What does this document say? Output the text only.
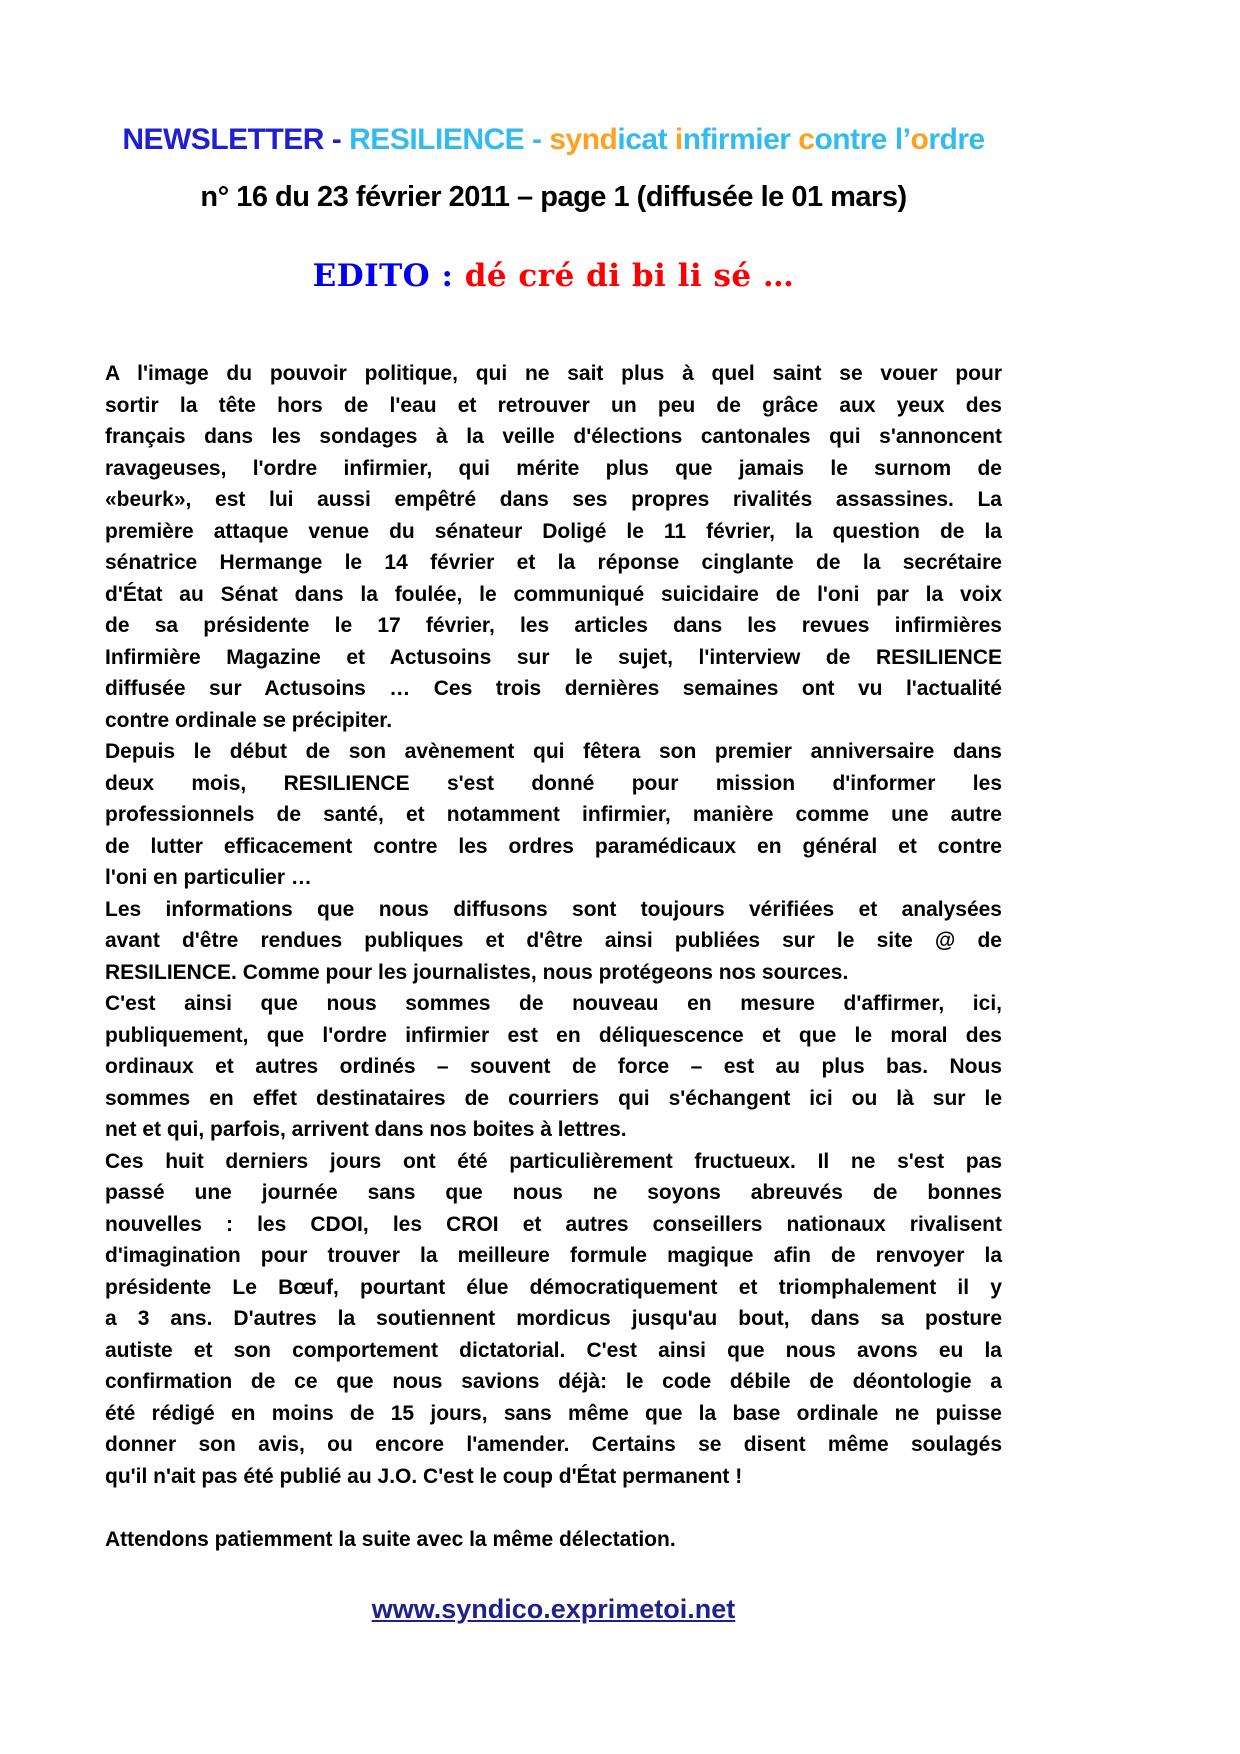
NEWSLETTER - RESILIENCE - syndicat infirmier contre l’ordre
n° 16 du 23 février 2011 – page 1 (diffusée le 01 mars)
EDITO : dé cré di bi li sé …
A l'image du pouvoir politique, qui ne sait plus à quel saint se vouer pour
sortir la tête hors de l'eau et retrouver un peu de grâce aux yeux des
français dans les sondages à la veille d'élections cantonales qui s'annoncent
ravageuses, l'ordre infirmier, qui mérite plus que jamais le surnom de
«beurk», est lui aussi empêtré dans ses propres rivalités assassines. La
première attaque venue du sénateur Doligé le 11 février, la question de la
sénatrice Hermange le 14 février et la réponse cinglante de la secrétaire
d'État au Sénat dans la foulée, le communiqué suicidaire de l'oni par la voix
de sa présidente le 17 février, les articles dans les revues infirmières
Infirmière Magazine et Actusoins sur le sujet, l'interview de RESILIENCE
diffusée sur Actusoins … Ces trois dernières semaines ont vu l'actualité
contre ordinale se précipiter.
Depuis le début de son avènement qui fêtera son premier anniversaire dans
deux mois, RESILIENCE s'est donné pour mission d'informer les
professionnels de santé, et notamment infirmier, manière comme une autre
de lutter efficacement contre les ordres paramédicaux en général et contre
l'oni en particulier …
Les informations que nous diffusons sont toujours vérifiées et analysées
avant d'être rendues publiques et d'être ainsi publiées sur le site @ de
RESILIENCE. Comme pour les journalistes, nous protégeons nos sources.
C'est ainsi que nous sommes de nouveau en mesure d'affirmer, ici,
publiquement, que l'ordre infirmier est en déliquescence et que le moral des
ordinaux et autres ordinés – souvent de force – est au plus bas. Nous
sommes en effet destinataires de courriers qui s'échangent ici ou là sur le
net et qui, parfois, arrivent dans nos boites à lettres.
Ces huit derniers jours ont été particulièrement fructueux. Il ne s'est pas
passé une journée sans que nous ne soyons abreuvés de bonnes
nouvelles : les CDOI, les CROI et autres conseillers nationaux rivalisent
d'imagination pour trouver la meilleure formule magique afin de renvoyer la
présidente Le Bœuf, pourtant élue démocratiquement et triomphalement il y
a 3 ans. D'autres la soutiennent mordicus jusqu'au bout, dans sa posture
autiste et son comportement dictatorial. C'est ainsi que nous avons eu la
confirmation de ce que nous savions déjà: le code débile de déontologie a
été rédigé en moins de 15 jours, sans même que la base ordinale ne puisse
donner son avis, ou encore l'amender. Certains se disent même soulagés
qu'il n'ait pas été publié au J.O. C'est le coup d'État permanent !
Attendons patiemment la suite avec la même délectation.
www.syndico.exprimetoi.net
